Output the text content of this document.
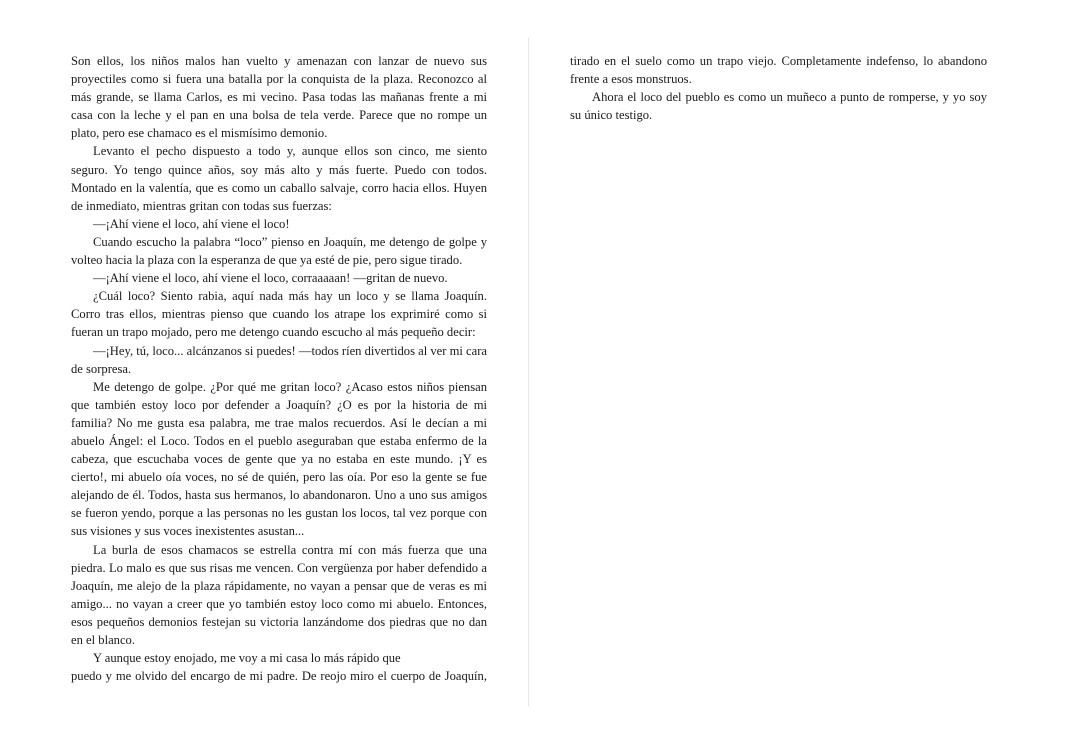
Son ellos, los niños malos han vuelto y amenazan con lanzar de nuevo sus proyectiles como si fuera una batalla por la conquista de la plaza. Reconozco al más grande, se llama Carlos, es mi vecino. Pasa todas las mañanas frente a mi casa con la leche y el pan en una bolsa de tela verde. Parece que no rompe un plato, pero ese chamaco es el mismísimo demonio.

Levanto el pecho dispuesto a todo y, aunque ellos son cinco, me siento seguro. Yo tengo quince años, soy más alto y más fuerte. Puedo con todos. Montado en la valentía, que es como un caballo salvaje, corro hacia ellos. Huyen de inmediato, mientras gritan con todas sus fuerzas:

—¡Ahí viene el loco, ahí viene el loco!

Cuando escucho la palabra “loco” pienso en Joaquín, me detengo de golpe y volteo hacia la plaza con la esperanza de que ya esté de pie, pero sigue tirado.

—¡Ahí viene el loco, ahí viene el loco, corraaaaan! —gritan de nuevo.

¿Cuál loco? Siento rabia, aquí nada más hay un loco y se llama Joaquín. Corro tras ellos, mientras pienso que cuando los atrape los exprimiré como si fueran un trapo mojado, pero me detengo cuando escucho al más pequeño decir:

—¡Hey, tú, loco... alcánzanos si puedes! —todos ríen divertidos al ver mi cara de sorpresa.

Me detengo de golpe. ¿Por qué me gritan loco? ¿Acaso estos niños piensan que también estoy loco por defender a Joaquín? ¿O es por la historia de mi familia? No me gusta esa palabra, me trae malos recuerdos. Así le decían a mi abuelo Ángel: el Loco. Todos en el pueblo aseguraban que estaba enfermo de la cabeza, que escuchaba voces de gente que ya no estaba en este mundo. ¡Y es cierto!, mi abuelo oía voces, no sé de quién, pero las oía. Por eso la gente se fue alejando de él. Todos, hasta sus hermanos, lo abandonaron. Uno a uno sus amigos se fueron yendo, porque a las personas no les gustan los locos, tal vez porque con sus visiones y sus voces inexistentes asustan...

La burla de esos chamacos se estrella contra mí con más fuerza que una piedra. Lo malo es que sus risas me vencen. Con vergüenza por haber defendido a Joaquín, me alejo de la plaza rápidamente, no vayan a pensar que de veras es mi amigo... no vayan a creer que yo también estoy loco como mi abuelo. Entonces, esos pequeños demonios festejan su victoria lanzándome dos piedras que no dan en el blanco.

Y aunque estoy enojado, me voy a mi casa lo más rápido que

puedo y me olvido del encargo de mi padre. De reojo miro el cuerpo de Joaquín,

tirado en el suelo como un trapo viejo. Completamente indefenso, lo abandono frente a esos monstruos.

Ahora el loco del pueblo es como un muñeco a punto de romperse, y yo soy su único testigo.
